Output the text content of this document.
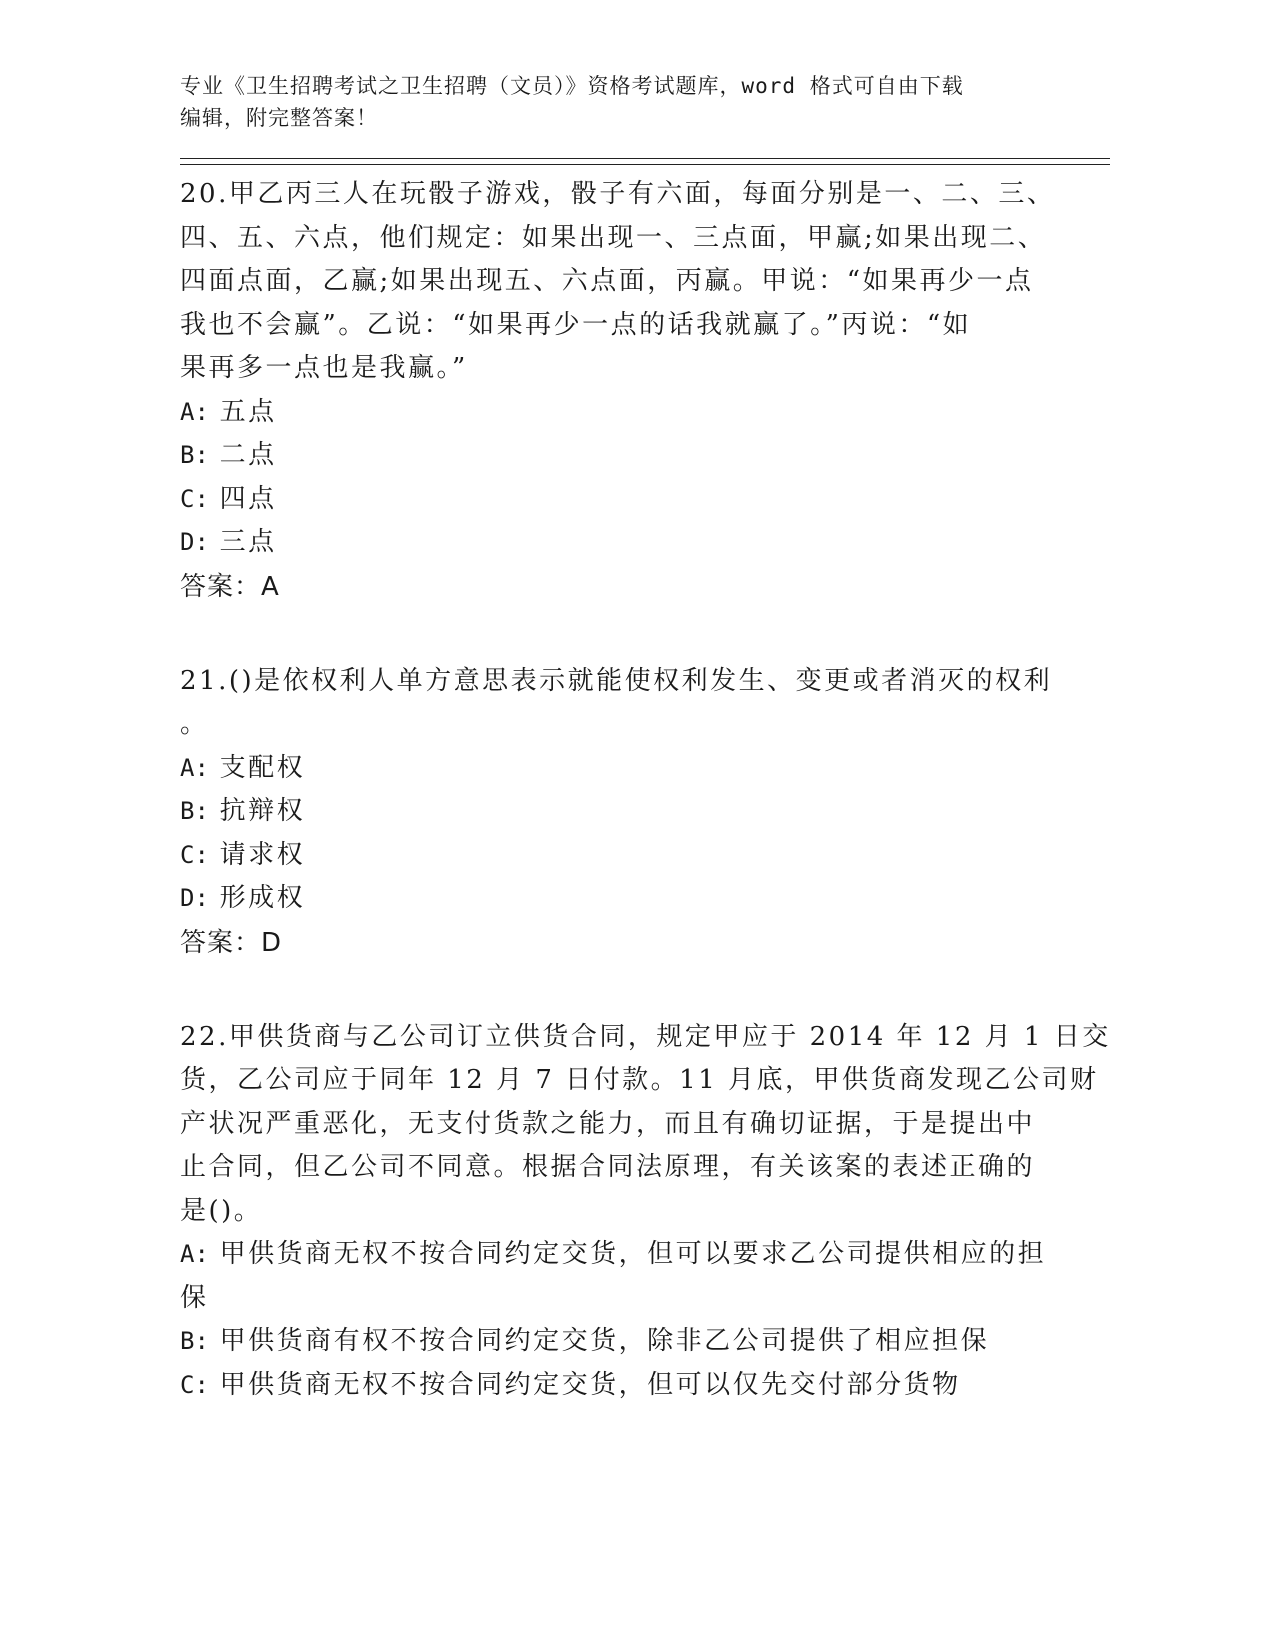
专业《卫生招聘考试之卫生招聘（文员）》资格考试题库，word 格式可自由下载

编辑，附完整答案！

20.甲乙丙三人在玩骰子游戏，骰子有六面，每面分别是一、二、三、

四、五、六点，他们规定：如果出现一、三点面，甲赢;如果出现二、

四面点面，乙赢;如果出现五、六点面，丙赢。甲说：“如果再少一点

我也不会赢”。乙说：“如果再少一点的话我就赢了。”丙说：“如

果再多一点也是我赢。”

A: 五点

B: 二点

C: 四点

D: 三点

答案：A

21.()是依权利人单方意思表示就能使权利发生、变更或者消灭的权利

。

A: 支配权

B: 抗辩权

C: 请求权

D: 形成权

答案：D

22.甲供货商与乙公司订立供货合同，规定甲应于 2014 年 12 月 1 日交

货，乙公司应于同年 12 月 7 日付款。11 月底，甲供货商发现乙公司财

产状况严重恶化，无支付货款之能力，而且有确切证据，于是提出中

止合同，但乙公司不同意。根据合同法原理，有关该案的表述正确的

是()。

A: 甲供货商无权不按合同约定交货，但可以要求乙公司提供相应的担

保

B: 甲供货商有权不按合同约定交货，除非乙公司提供了相应担保

C: 甲供货商无权不按合同约定交货，但可以仅先交付部分货物
